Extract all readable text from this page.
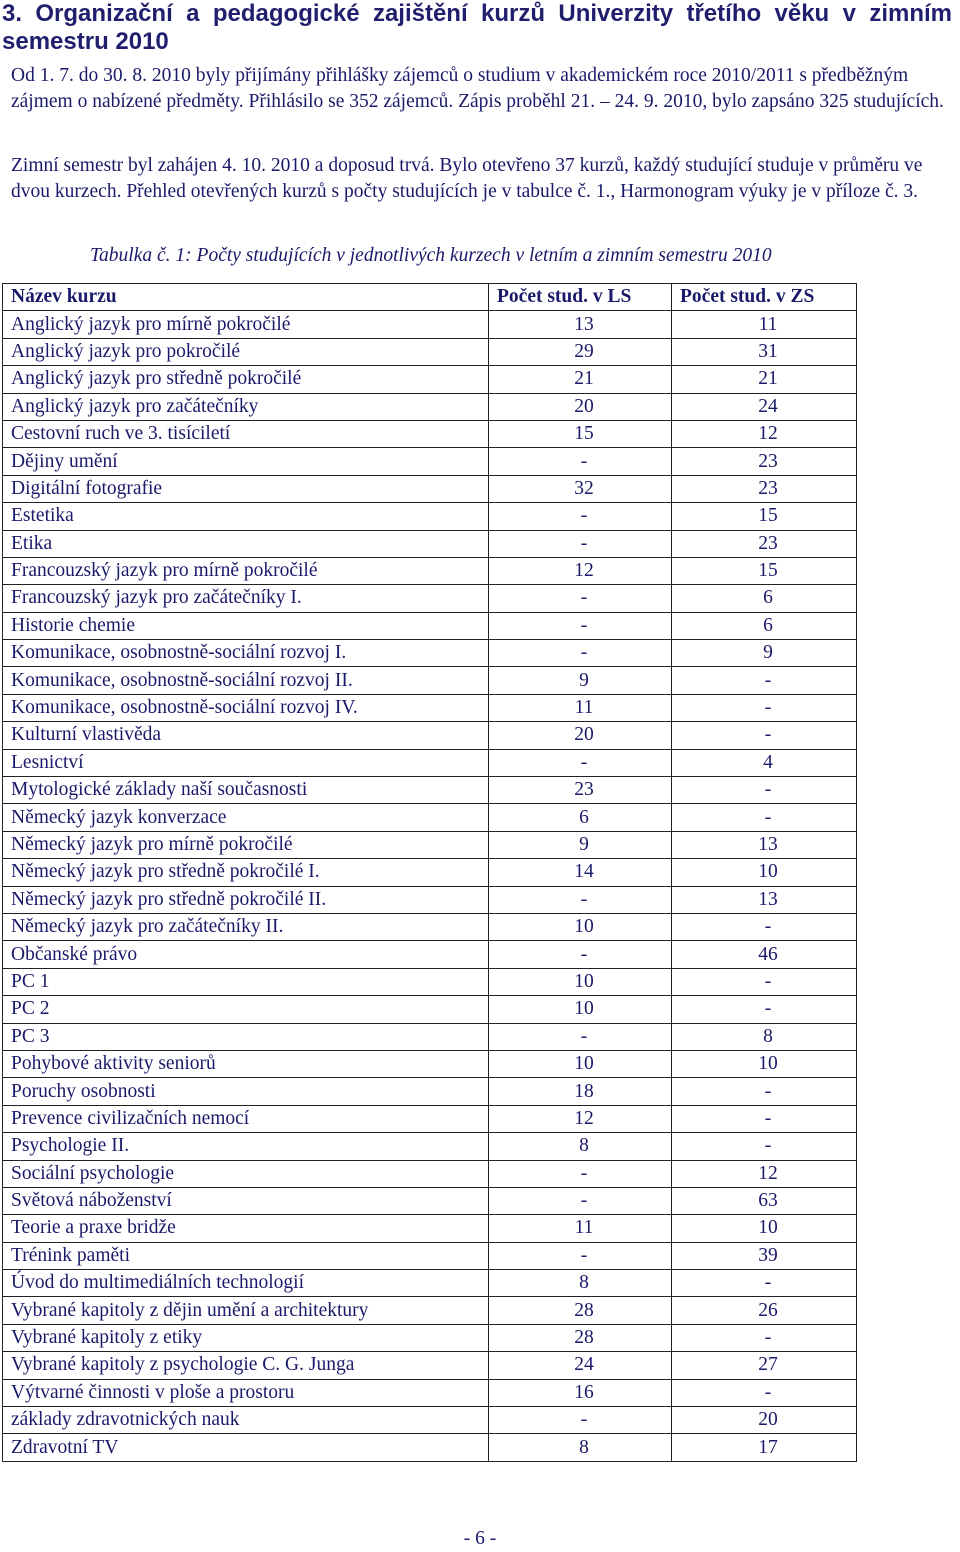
3. Organizační a pedagogické zajištění kurzů Univerzity třetího věku v zimním semestru 2010
Od 1. 7. do 30. 8. 2010 byly přijímány přihlášky zájemců o studium v akademickém roce 2010/2011 s předběžným zájmem o nabízené předměty. Přihlásilo se 352 zájemců. Zápis proběhl 21. – 24. 9. 2010, bylo zapsáno 325 studujících.
Zimní semestr byl zahájen 4. 10. 2010 a doposud trvá. Bylo otevřeno 37 kurzů, každý studující studuje v průměru ve dvou kurzech. Přehled otevřených kurzů s počty studujících je v tabulce č. 1., Harmonogram výuky je v příloze č. 3.
Tabulka č. 1: Počty studujících v jednotlivých kurzech v letním a zimním semestru 2010
Název kurzu	Počet stud. v LS	Počet stud. v ZS
Anglický jazyk pro mírně pokročilé	13	11
Anglický jazyk pro pokročilé	29	31
Anglický jazyk pro středně pokročilé	21	21
Anglický jazyk pro začátečníky	20	24
Cestovní ruch ve 3. tisíciletí	15	12
Dějiny umění	-	23
Digitální fotografie	32	23
Estetika	-	15
Etika	-	23
Francouzský jazyk pro mírně pokročilé	12	15
Francouzský jazyk pro začátečníky I.	-	6
Historie chemie	-	6
Komunikace, osobnostně-sociální rozvoj I.	-	9
Komunikace, osobnostně-sociální rozvoj II.	9	-
Komunikace, osobnostně-sociální rozvoj IV.	11	-
Kulturní vlastivěda	20	-
Lesnictví	-	4
Mytologické základy naší současnosti	23	-
Německý jazyk konverzace	6	-
Německý jazyk pro mírně pokročilé	9	13
Německý jazyk pro středně pokročilé I.	14	10
Německý jazyk pro středně pokročilé II.	-	13
Německý jazyk pro začátečníky II.	10	-
Občanské právo	-	46
PC 1	10	-
PC 2	10	-
PC 3	-	8
Pohybové aktivity seniorů	10	10
Poruchy osobnosti	18	-
Prevence civilizačních nemocí	12	-
Psychologie II.	8	-
Sociální psychologie	-	12
Světová náboženství	-	63
Teorie a praxe bridže	11	10
Trénink paměti	-	39
Úvod do multimediálních technologií	8	-
Vybrané kapitoly z dějin umění a architektury	28	26
Vybrané kapitoly z etiky	28	-
Vybrané kapitoly z psychologie C. G. Junga	24	27
Výtvarné činnosti v ploše a prostoru	16	-
základy zdravotnických nauk	-	20
Zdravotní TV	8	17
- 6 -
